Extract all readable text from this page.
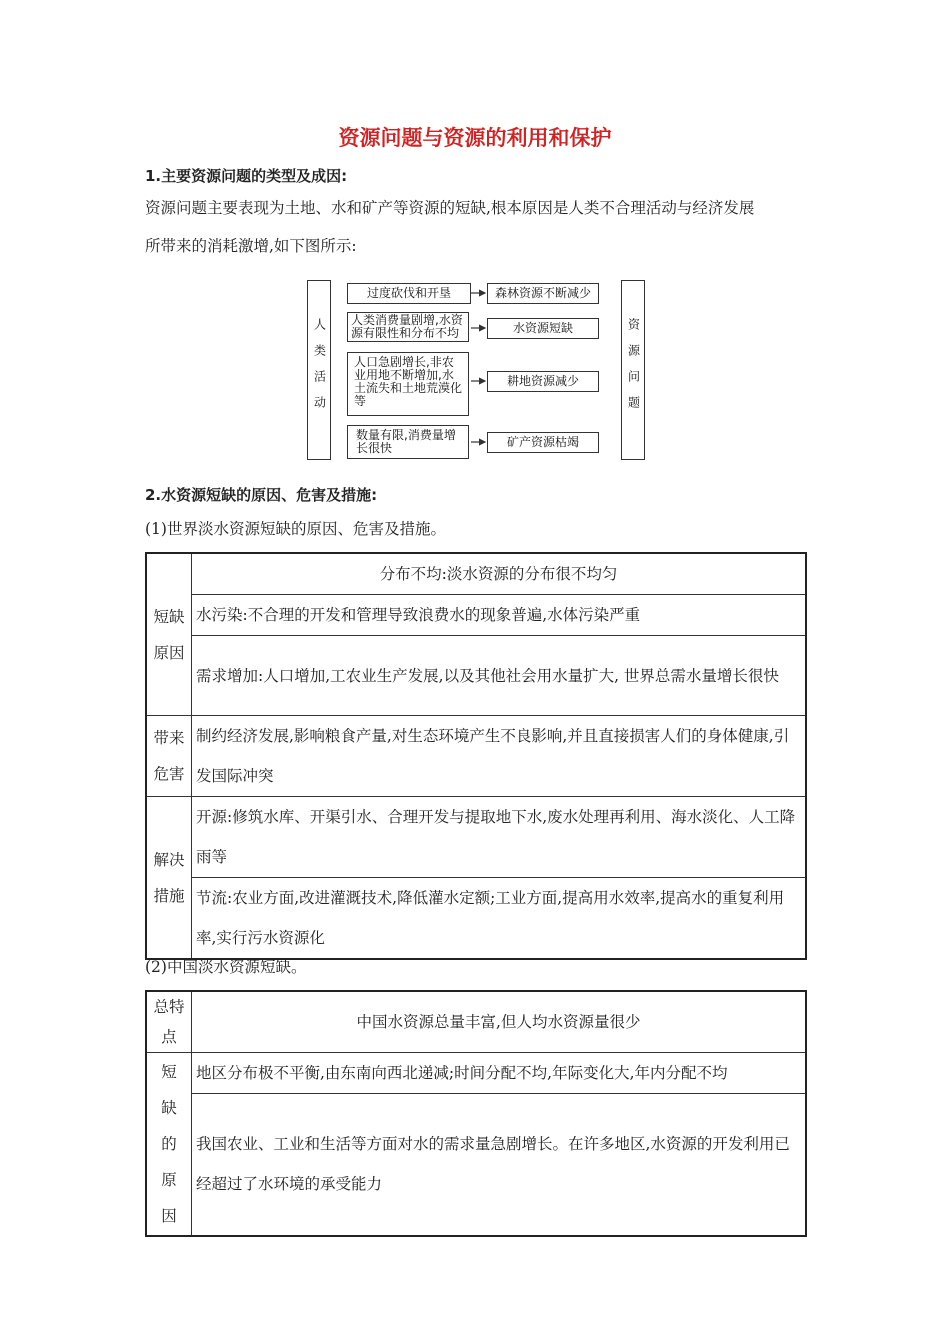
资源问题与资源的利用和保护
1.主要资源问题的类型及成因:
资源问题主要表现为土地、水和矿产等资源的短缺,根本原因是人类不合理活动与经济发展
所带来的消耗激增,如下图所示:
人类活动	资源问题
过度砍伐和开垦	森林资源不断减少
人类消费量剧增,水资源有限性和分布不均	水资源短缺
人口急剧增长,非农业用地不断增加,水土流失和土地荒漠化等
耕地资源减少
数量有限,消费量增长很快	矿产资源枯竭
2.水资源短缺的原因、危害及措施:
(1)世界淡水资源短缺的原因、危害及措施。
短缺原因	分布不均:淡水资源的分布很不均匀
	水污染:不合理的开发和管理导致浪费水的现象普遍,水体污染严重
	需求增加:人口增加,工农业生产发展,以及其他社会用水量扩大, 世界总需水量增长很快

带来危害	制约经济发展,影响粮食产量,对生态环境产生不良影响,并且直接损害人们的身体健康,引发国际冲突

解决措施	开源:修筑水库、开渠引水、合理开发与提取地下水,废水处理再利用、海水淡化、人工降雨等
	节流:农业方面,改进灌溉技术,降低灌水定额;工业方面,提高用水效率,提高水的重复利用率,实行污水资源化
(2)中国淡水资源短缺。
总特点	中国水资源总量丰富,但人均水资源量很少

短缺的原因	地区分布极不平衡,由东南向西北递减;时间分配不均,年际变化大,年内分配不均
	我国农业、工业和生活等方面对水的需求量急剧增长。在许多地区,水资源的开发利用已经超过了水环境的承受能力
